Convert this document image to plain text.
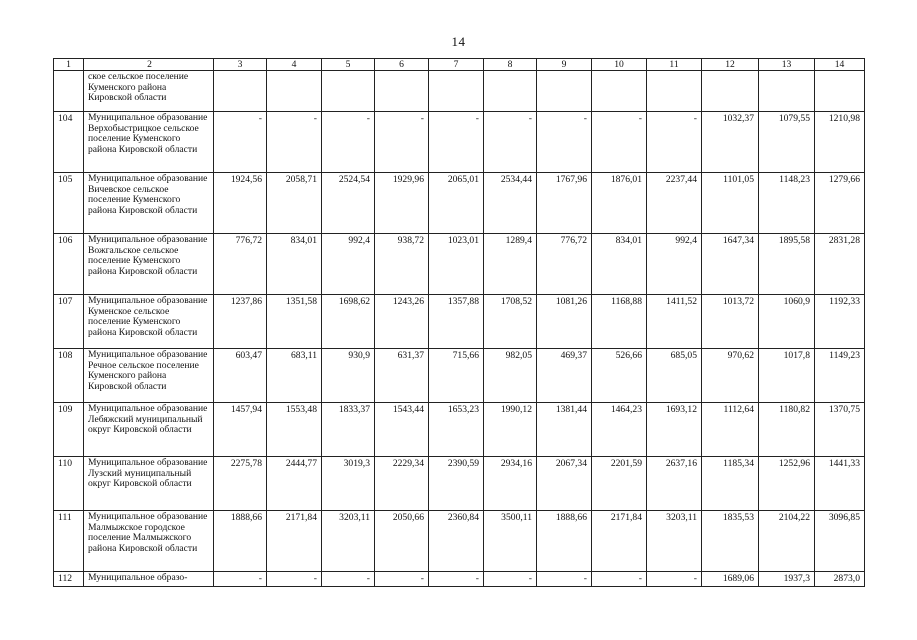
14
1	2	3	4	5	6	7	8	9	10	11	12	13	14
	ское сельское поселение Куменского района Кировской области												
104	Муниципальное образование Верхобыстрицкое сельское поселение Куменского района Кировской области	-	-	-	-	-	-	-	-	-	1032,37	1079,55	1210,98
105	Муниципальное образование Вичевское сельское поселение Куменского района Кировской области	1924,56	2058,71	2524,54	1929,96	2065,01	2534,44	1767,96	1876,01	2237,44	1101,05	1148,23	1279,66
106	Муниципальное образование Вожгальское сельское поселение Куменского района Кировской области	776,72	834,01	992,4	938,72	1023,01	1289,4	776,72	834,01	992,4	1647,34	1895,58	2831,28
107	Муниципальное образование Куменское сельское поселение Куменского района Кировской области	1237,86	1351,58	1698,62	1243,26	1357,88	1708,52	1081,26	1168,88	1411,52	1013,72	1060,9	1192,33
108	Муниципальное образование Речное сельское поселение Куменского района Кировской области	603,47	683,11	930,9	631,37	715,66	982,05	469,37	526,66	685,05	970,62	1017,8	1149,23
109	Муниципальное образование Лебяжский муниципальный округ Кировской области	1457,94	1553,48	1833,37	1543,44	1653,23	1990,12	1381,44	1464,23	1693,12	1112,64	1180,82	1370,75
110	Муниципальное образование Лузский муниципальный округ Кировской области	2275,78	2444,77	3019,3	2229,34	2390,59	2934,16	2067,34	2201,59	2637,16	1185,34	1252,96	1441,33
111	Муниципальное образование Малмыжское городское поселение Малмыжского района Кировской области	1888,66	2171,84	3203,11	2050,66	2360,84	3500,11	1888,66	2171,84	3203,11	1835,53	2104,22	3096,85
112	Муниципальное образо-	-	-	-	-	-	-	-	-	-	1689,06	1937,3	2873,0
